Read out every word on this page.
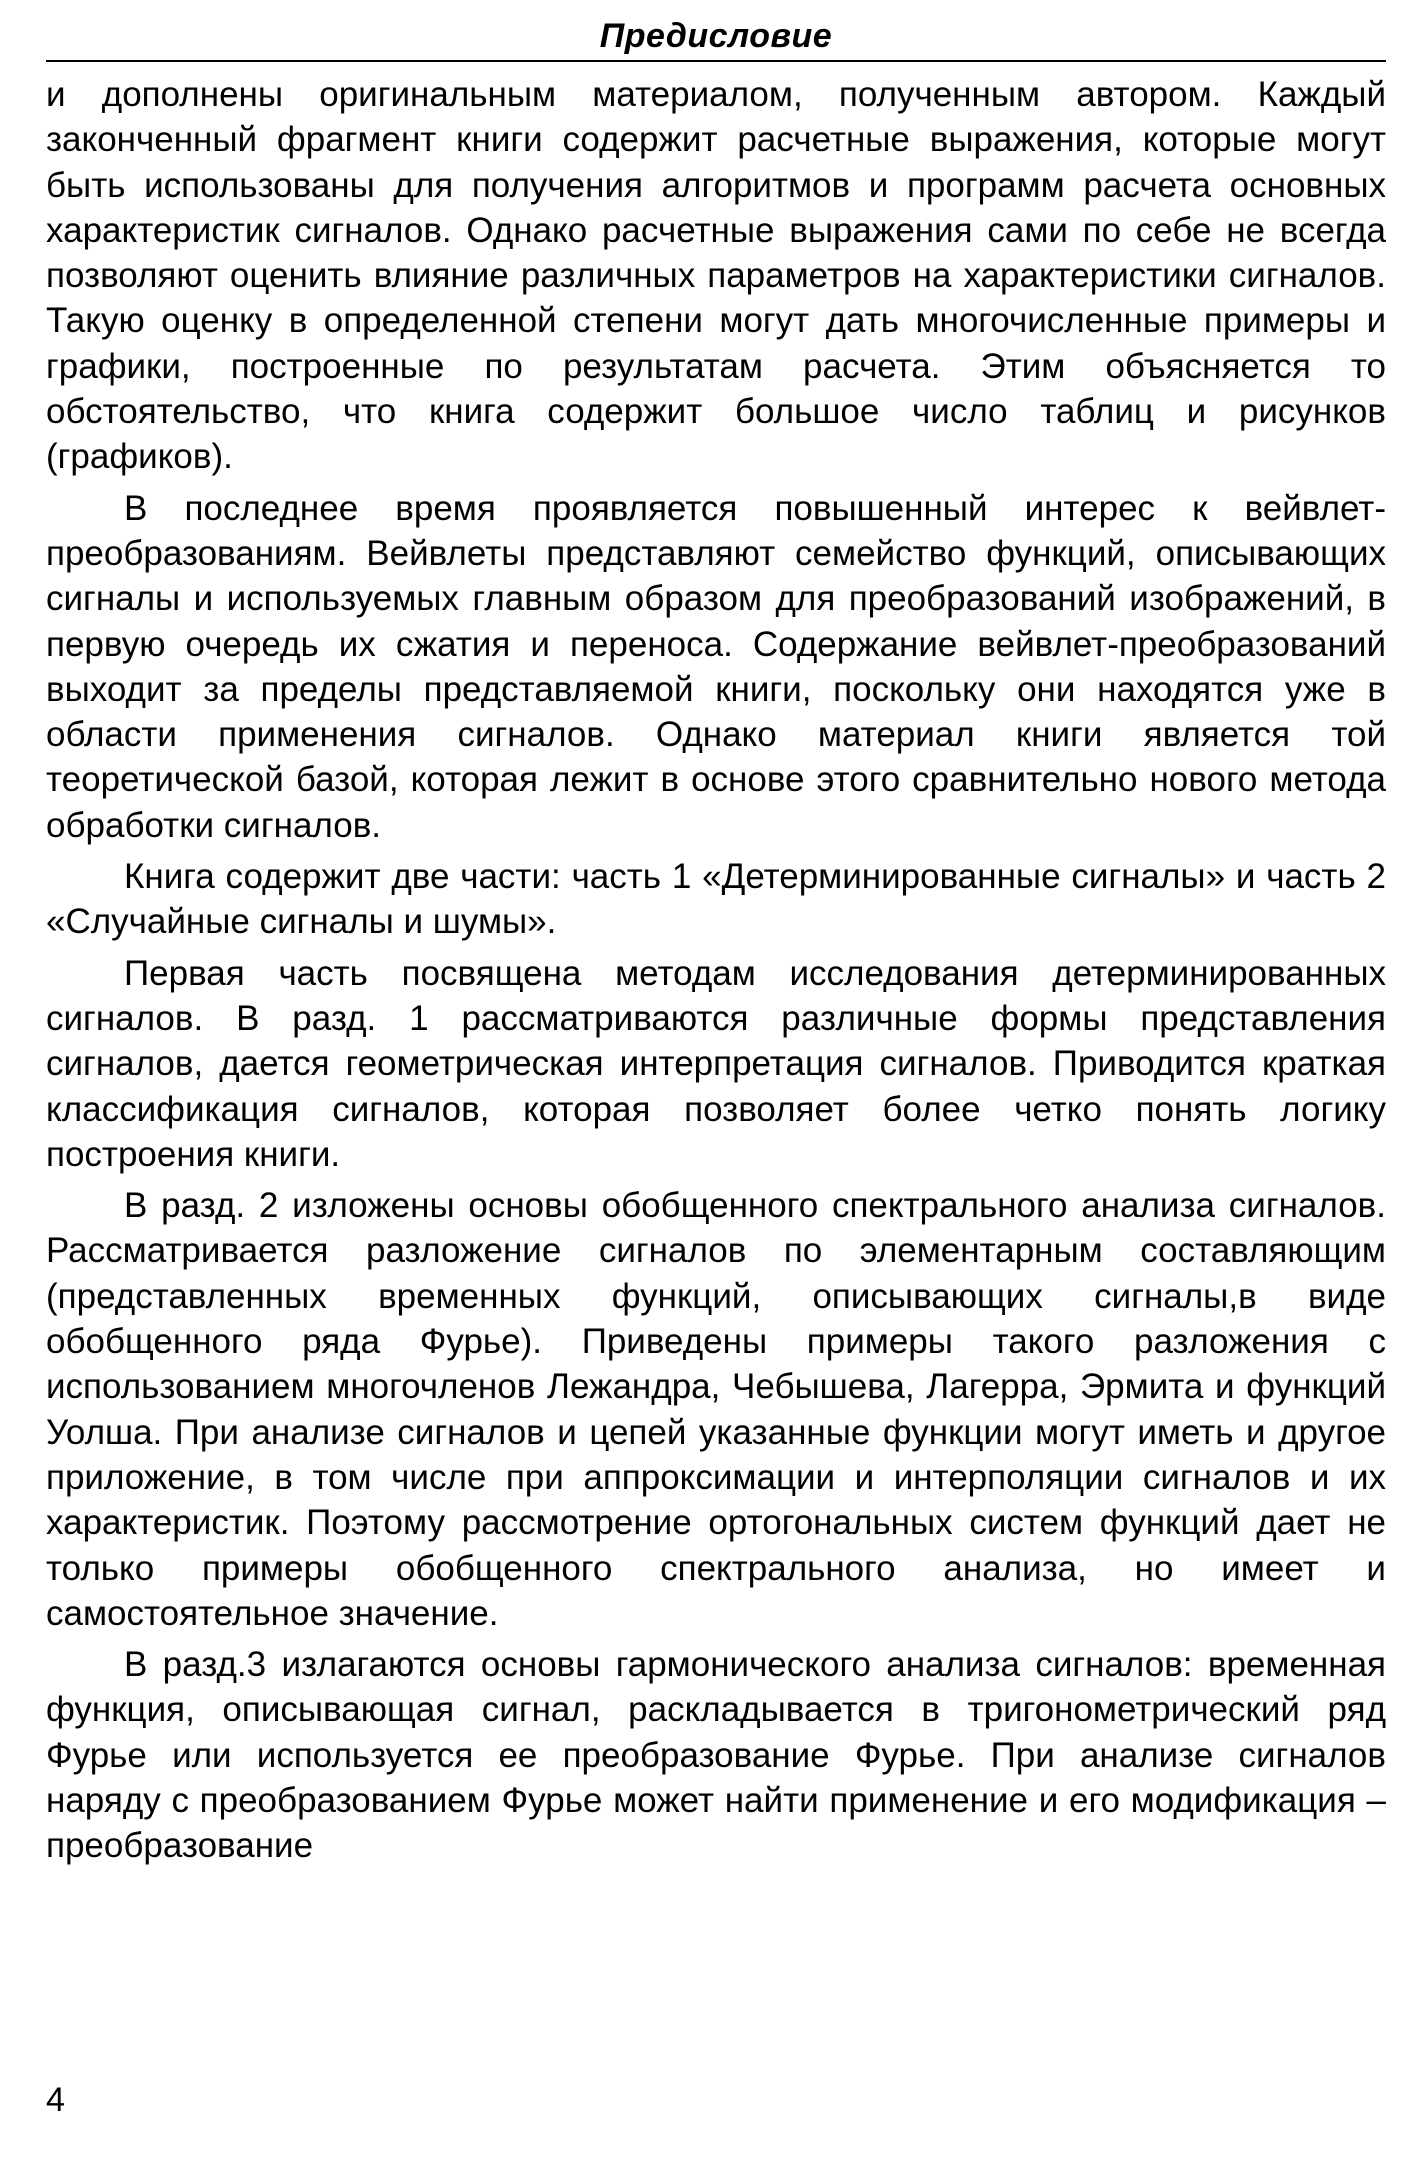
Предисловие

и дополнены оригинальным материалом, полученным автором. Каждый законченный фрагмент книги содержит расчетные выражения, которые могут быть использованы для получения алгоритмов и программ расчета основных характеристик сигналов. Однако расчетные выражения сами по себе не всегда позволяют оценить влияние различных параметров на характеристики сигналов. Такую оценку в определенной степени могут дать многочисленные примеры и графики, построенные по результатам расчета. Этим объясняется то обстоятельство, что книга содержит большое число таблиц и рисунков (графиков).

В последнее время проявляется повышенный интерес к вейвлет-преобразованиям. Вейвлеты представляют семейство функций, описывающих сигналы и используемых главным образом для преобразований изображений, в первую очередь их сжатия и переноса. Содержание вейвлет-преобразований выходит за пределы представляемой книги, поскольку они находятся уже в области применения сигналов. Однако материал книги является той теоретической базой, которая лежит в основе этого сравнительно нового метода обработки сигналов.

Книга содержит две части: часть 1 «Детерминированные сигналы» и часть 2 «Случайные сигналы и шумы».

Первая часть посвящена методам исследования детерминированных сигналов. В разд. 1 рассматриваются различные формы представления сигналов, дается геометрическая интерпретация сигналов. Приводится краткая классификация сигналов, которая позволяет более четко понять логику построения книги.

В разд. 2 изложены основы обобщенного спектрального анализа сигналов. Рассматривается разложение сигналов по элементарным составляющим (представленных временных функций, описывающих сигналы,в виде обобщенного ряда Фурье). Приведены примеры такого разложения с использованием многочленов Лежандра, Чебышева, Лагерра, Эрмита и функций Уолша. При анализе сигналов и цепей указанные функции могут иметь и другое приложение, в том числе при аппроксимации и интерполяции сигналов и их характеристик. Поэтому рассмотрение ортогональных систем функций дает не только примеры обобщенного спектрального анализа, но имеет и самостоятельное значение.

В разд.3 излагаются основы гармонического анализа сигналов: временная функция, описывающая сигнал, раскладывается в тригонометрический ряд Фурье или используется ее преобразование Фурье. При анализе сигналов наряду с преобразованием Фурье может найти применение и его модификация – преобразование

4
